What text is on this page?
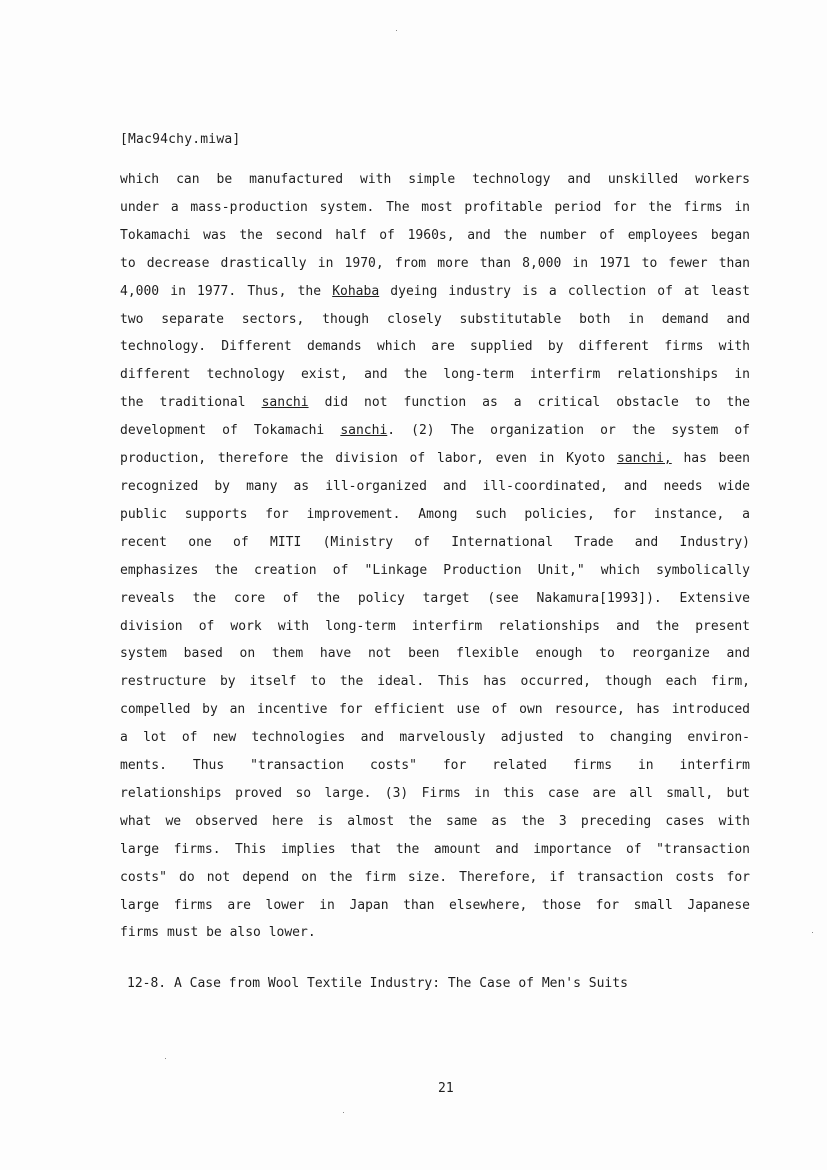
[Mac94chy.miwa]
which can be manufactured with simple technology and unskilled workers
under a mass-production system. The most profitable period for the firms in
Tokamachi was the second half of 1960s, and the number of employees began
to decrease drastically in 1970, from more than 8,000 in 1971 to fewer than
4,000 in 1977. Thus, the Kohaba dyeing industry is a collection of at least
two separate sectors, though closely substitutable both in demand and
technology. Different demands which are supplied by different firms with
different technology exist, and the long-term interfirm relationships in
the traditional sanchi did not function as a critical obstacle to the
development of Tokamachi sanchi. (2) The organization or the system of
production, therefore the division of labor, even in Kyoto sanchi, has been
recognized by many as ill-organized and ill-coordinated, and needs wide
public supports for improvement. Among such policies, for instance, a
recent one of MITI (Ministry of International Trade and Industry)
emphasizes the creation of "Linkage Production Unit," which symbolically
reveals the core of the policy target (see Nakamura[1993]). Extensive
division of work with long-term interfirm relationships and the present
system based on them have not been flexible enough to reorganize and
restructure by itself to the ideal. This has occurred, though each firm,
compelled by an incentive for efficient use of own resource, has introduced
a lot of new technologies and marvelously adjusted to changing environ-
ments. Thus "transaction costs" for related firms in interfirm
relationships proved so large. (3) Firms in this case are all small, but
what we observed here is almost the same as the 3 preceding cases with
large firms. This implies that the amount and importance of "transaction
costs" do not depend on the firm size. Therefore, if transaction costs for
large firms are lower in Japan than elsewhere, those for small Japanese
firms must be also lower.
12-8. A Case from Wool Textile Industry: The Case of Men's Suits
21
